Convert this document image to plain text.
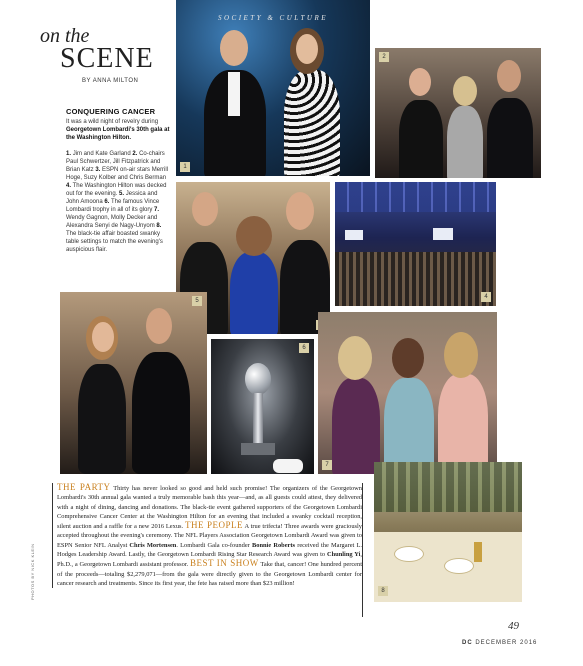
on the
SCENE
BY ANNA MILTON
CONQUERING CANCER

It was a wild night of revelry during Georgetown Lombardi's 30th gala at the Washington Hilton.

1. Jim and Kate Garland 2. Co-chairs Paul Schwertzer, Jill Fitzpatrick and Brian Katz 3. ESPN on-air stars Merrill Hoge, Suzy Kolber and Chris Berman 4. The Washington Hilton was decked out for the evening. 5. Jessica and John Amoona 6. The famous Vince Lombardi trophy in all of its glory 7. Wendy Gagnon, Molly Decker and Alexandra Senyi de Nagy-Unyom 8. The black-tie affair boasted swanky table settings to match the evening's auspicious flair.

SOCIETY & CULTURE
1
2
4
5
6
7
8
THE PARTY Thirty has never looked so good and held such promise! The organizers of the Georgetown Lombardi's 30th annual gala wanted a truly memorable bash this year—and, as all guests could attest, they delivered with a night of dining, dancing and donations. The black-tie event gathered supporters of the Georgetown Lombardi Comprehensive Cancer Center at the Washington Hilton for an evening that included a swanky cocktail reception, silent auction and a raffle for a new 2016 Lexus. THE PEOPLE A true trifecta! Three awards were graciously accepted throughout the evening's ceremony. The NFL Players Association Georgetown Lombardi Award was given to ESPN Senior NFL Analyst Chris Mortensen. Lombardi Gala co-founder Bonnie Roberts received the Margaret L. Hodges Leadership Award. Lastly, the Georgetown Lombardi Rising Star Research Award was given to Chunling Yi Ph.D., a Georgetown Lombardi assistant professor. BEST IN SHOW Take that, cancer! One hundred percent of the proceeds—totaling $2,279,071—from the gala were directly given to the Georgetown Lombardi center for cancer research and treatments. Since its first year, the fete has raised more than $23 million!
PHOTOS BY NICK KLEIN
49
DC DECEMBER 2016
